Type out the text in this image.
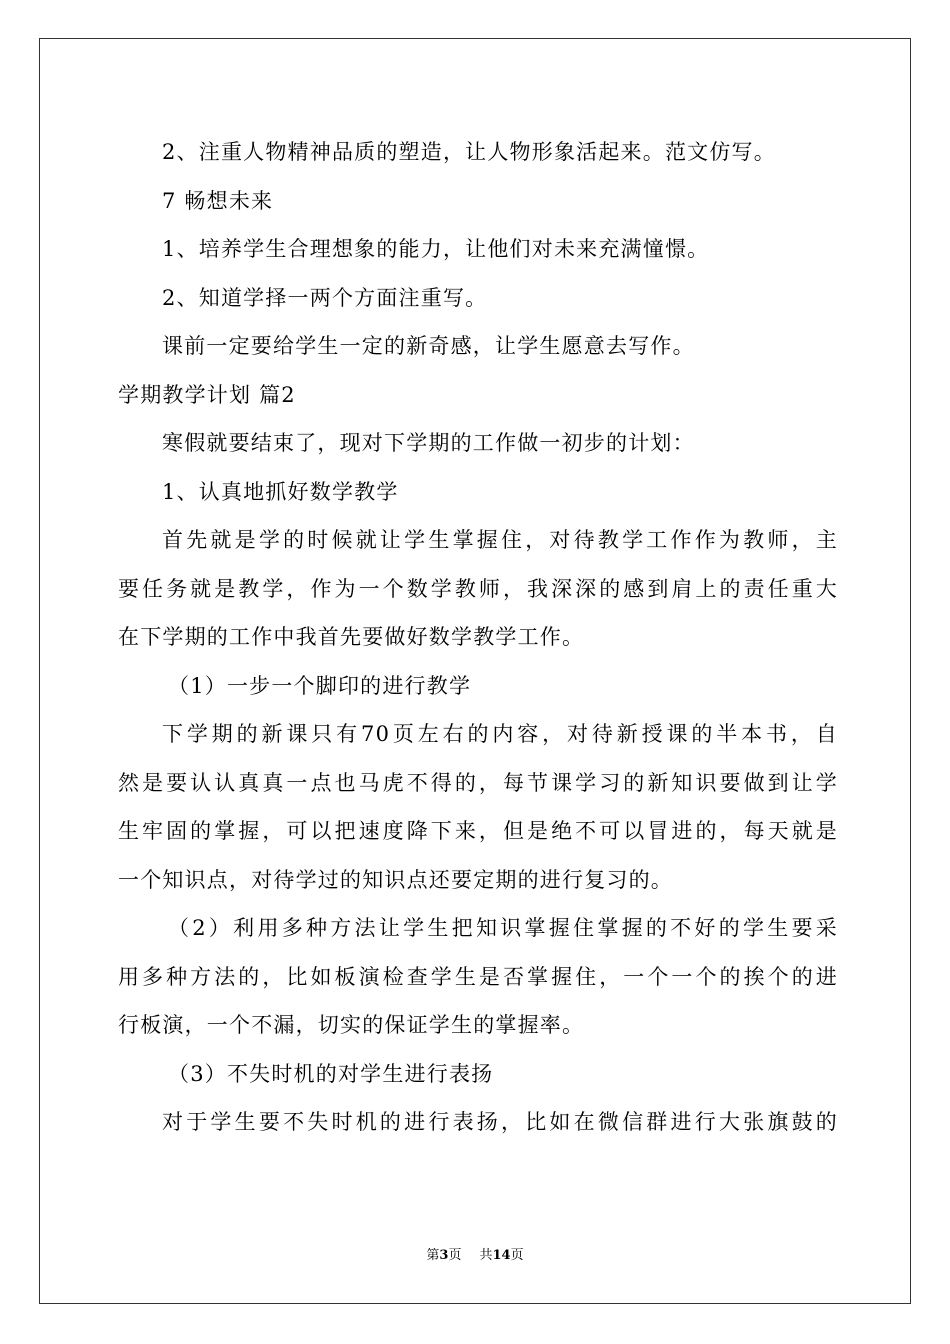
2、注重人物精神品质的塑造，让人物形象活起来。范文仿写。
7 畅想未来
1、培养学生合理想象的能力，让他们对未来充满憧憬。
2、知道学择一两个方面注重写。
课前一定要给学生一定的新奇感，让学生愿意去写作。
学期教学计划 篇2
寒假就要结束了，现对下学期的工作做一初步的计划：
1、认真地抓好数学教学
首先就是学的时候就让学生掌握住，对待教学工作作为教师，主
要任务就是教学，作为一个数学教师，我深深的感到肩上的责任重大
在下学期的工作中我首先要做好数学教学工作。
（1）一步一个脚印的进行教学
下学期的新课只有70页左右的内容，对待新授课的半本书，自
然是要认认真真一点也马虎不得的，每节课学习的新知识要做到让学
生牢固的掌握，可以把速度降下来，但是绝不可以冒进的，每天就是
一个知识点，对待学过的知识点还要定期的进行复习的。
（2）利用多种方法让学生把知识掌握住掌握的不好的学生要采
用多种方法的，比如板演检查学生是否掌握住，一个一个的挨个的进
行板演，一个不漏，切实的保证学生的掌握率。
（3）不失时机的对学生进行表扬
对于学生要不失时机的进行表扬，比如在微信群进行大张旗鼓的
第3页 共14页
